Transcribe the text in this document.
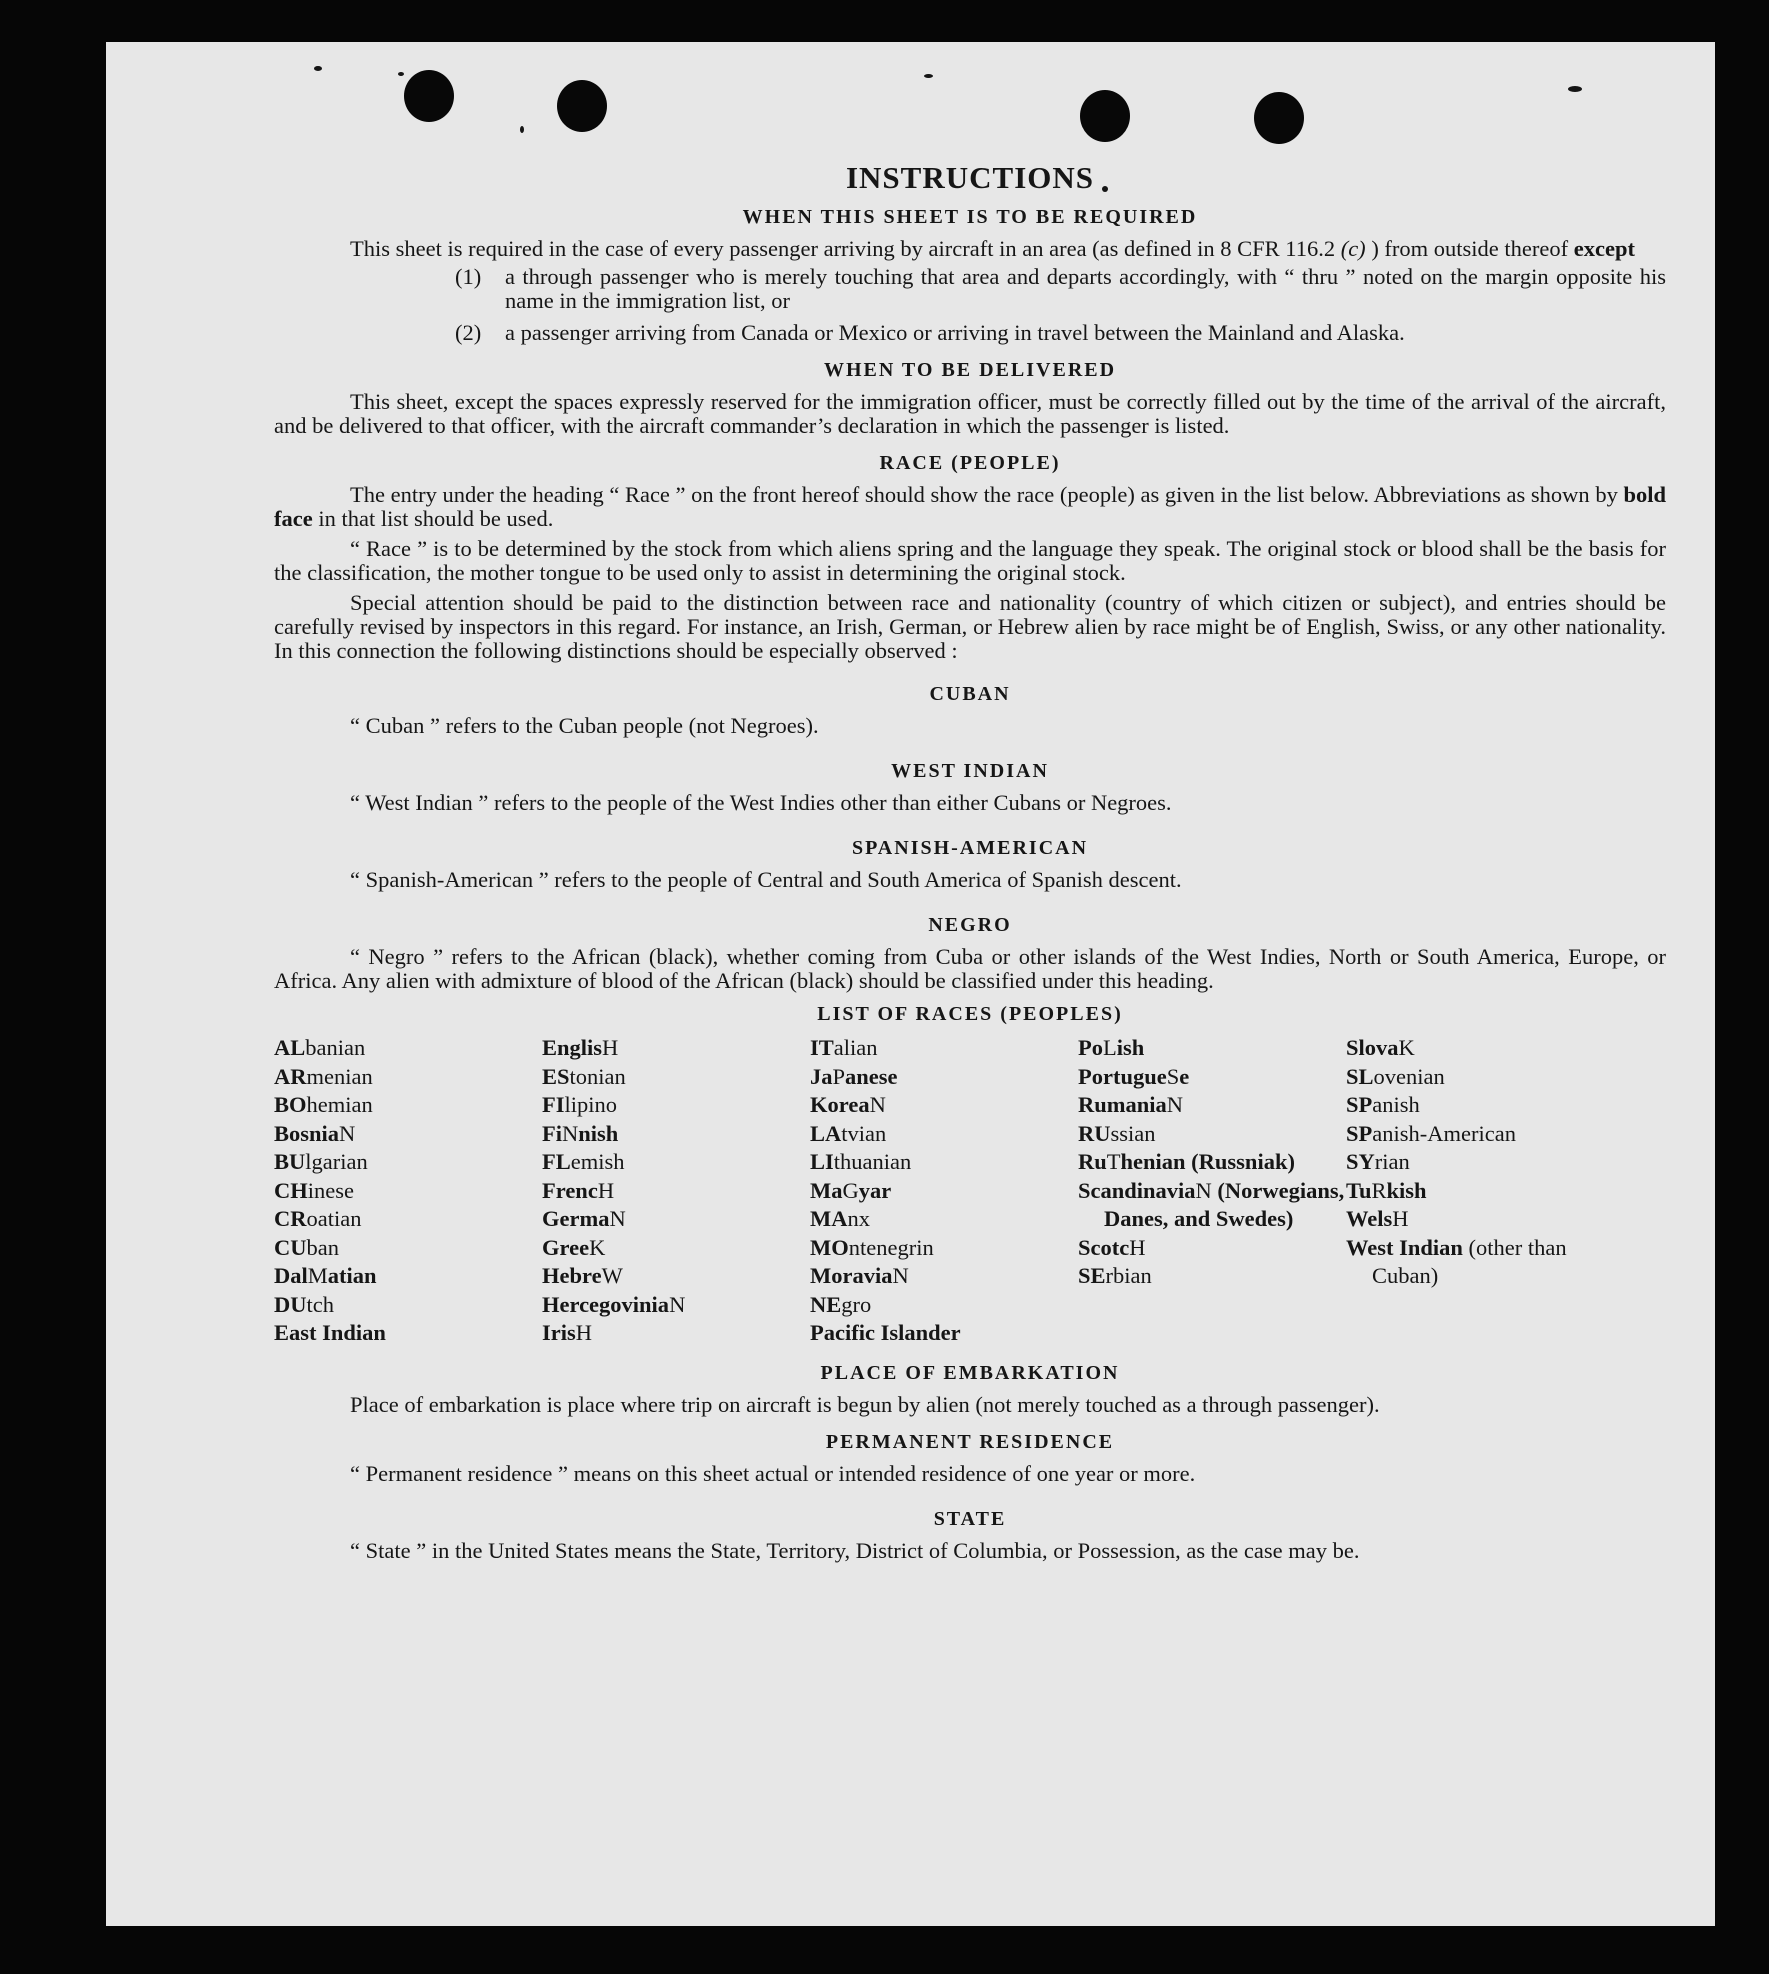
INSTRUCTIONS
WHEN THIS SHEET IS TO BE REQUIRED

This sheet is required in the case of every passenger arriving by aircraft in an area (as defined in 8 CFR 116.2 (c) ) from outside thereof except

(1) a through passenger who is merely touching that area and departs accordingly, with “ thru ” noted on the margin opposite his name in the immigration list, or

(2) a passenger arriving from Canada or Mexico or arriving in travel between the Mainland and Alaska.

WHEN TO BE DELIVERED

This sheet, except the spaces expressly reserved for the immigration officer, must be correctly filled out by the time of the arrival of the aircraft, and be delivered to that officer, with the aircraft commander’s declaration in which the passenger is listed.

RACE (PEOPLE)

The entry under the heading “ Race ” on the front hereof should show the race (people) as given in the list below. Abbreviations as shown by bold face in that list should be used.

“ Race ” is to be determined by the stock from which aliens spring and the language they speak. The original stock or blood shall be the basis for the classification, the mother tongue to be used only to assist in determining the original stock.

Special attention should be paid to the distinction between race and nationality (country of which citizen or subject), and entries should be carefully revised by inspectors in this regard. For instance, an Irish, German, or Hebrew alien by race might be of English, Swiss, or any other nationality. In this connection the following distinctions should be especially observed :

CUBAN

“ Cuban ” refers to the Cuban people (not Negroes).

WEST INDIAN

“ West Indian ” refers to the people of the West Indies other than either Cubans or Negroes.

SPANISH-AMERICAN

“ Spanish-American ” refers to the people of Central and South America of Spanish descent.

NEGRO

“ Negro ” refers to the African (black), whether coming from Cuba or other islands of the West Indies, North or South America, Europe, or Africa. Any alien with admixture of blood of the African (black) should be classified under this heading.

LIST OF RACES (PEOPLES)
ALbanian
ARmenian
BOhemian
BosniaN
BUlgarian
CHinese
CRoatian
CUban
DalMatian
DUtch
East Indian
EnglisH
EStonian
FIlipino
FiNnish
FLemish
FrencH
GermaN
GreeK
HebreW
HercegoviniaN
IrisH
ITalian
JaPanese
KoreaN
LAtvian
LIthuanian
MaGyar
MAnx
MOntenegrin
MoraviaN
NEgro
Pacific Islander
PoLish
PortugueSe
RumaniaN
RUssian
RuThenian (Russniak)
ScandinaviaN (Norwegians, Danes, and Swedes)
ScotcH
SErbian
SlovaK
SLovenian
SPanish
SPanish-American
SYrian
TuRkish
WelsH
West Indian (other than Cuban)
PLACE OF EMBARKATION

Place of embarkation is place where trip on aircraft is begun by alien (not merely touched as a through passenger).

PERMANENT RESIDENCE

“ Permanent residence ” means on this sheet actual or intended residence of one year or more.

STATE

“ State ” in the United States means the State, Territory, District of Columbia, or Possession, as the case may be.
